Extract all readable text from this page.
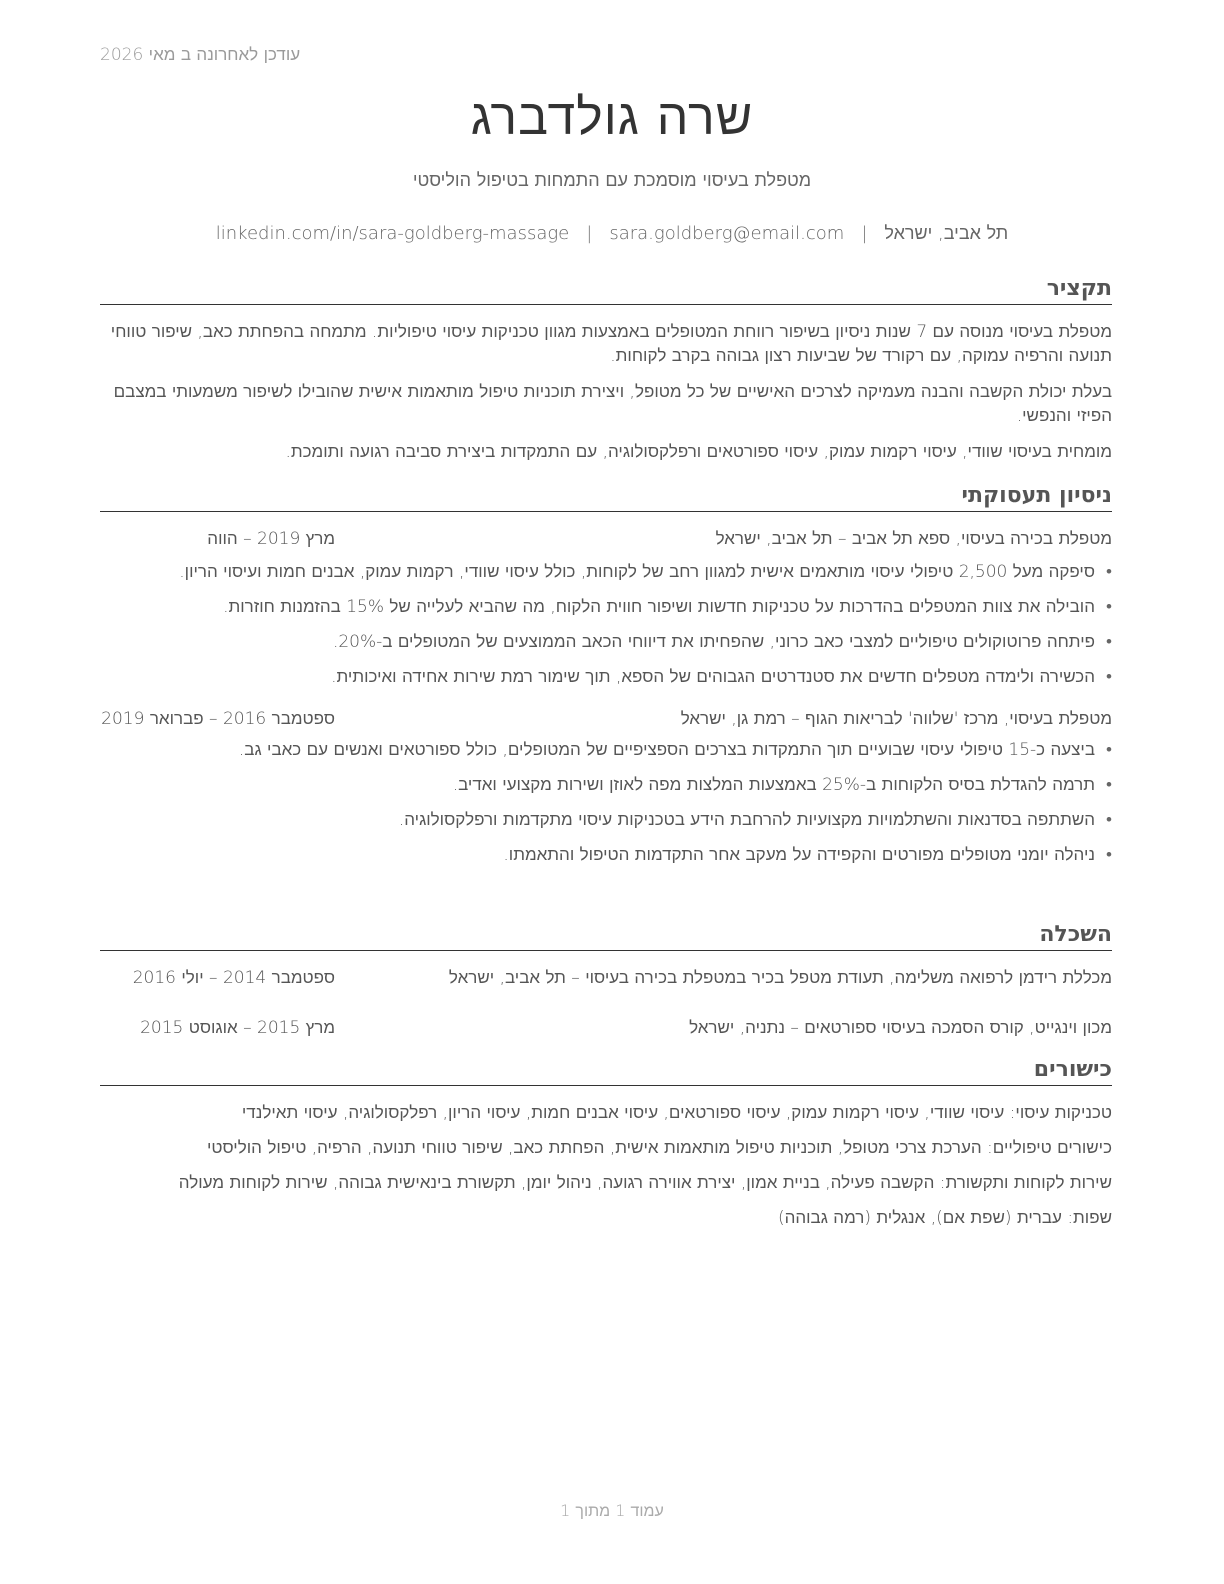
עודכן לאחרונה ב מאי 2026
שרה גולדברג
מטפלת בעיסוי מוסמכת עם התמחות בטיפול הוליסטי
תל אביב, ישראל|sara.goldberg@email.com|linkedin.com/in/sara-goldberg-massage
תקציר

מטפלת בעיסוי מנוסה עם 7 שנות ניסיון בשיפור רווחת המטופלים באמצעות מגוון טכניקות עיסוי טיפוליות. מתמחה בהפחתת כאב, שיפור טווחי תנועה והרפיה עמוקה, עם רקורד של שביעות רצון גבוהה בקרב לקוחות.

בעלת יכולת הקשבה והבנה מעמיקה לצרכים האישיים של כל מטופל, ויצירת תוכניות טיפול מותאמות אישית שהובילו לשיפור משמעותי במצבם הפיזי והנפשי.

מומחית בעיסוי שוודי, עיסוי רקמות עמוק, עיסוי ספורטאים ורפלקסולוגיה, עם התמקדות ביצירת סביבה רגועה ותומכת.

ניסיון תעסוקתי
מטפלת בכירה בעיסוי, ספא תל אביב – תל אביב, ישראל
מרץ 2019 – הווה
• סיפקה מעל 2,500 טיפולי עיסוי מותאמים אישית למגוון רחב של לקוחות, כולל עיסוי שוודי, רקמות עמוק, אבנים חמות ועיסוי הריון.
• הובילה את צוות המטפלים בהדרכות על טכניקות חדשות ושיפור חווית הלקוח, מה שהביא לעלייה של 15% בהזמנות חוזרות.
• פיתחה פרוטוקולים טיפוליים למצבי כאב כרוני, שהפחיתו את דיווחי הכאב הממוצעים של המטופלים ב-20%.
• הכשירה ולימדה מטפלים חדשים את סטנדרטים הגבוהים של הספא, תוך שימור רמת שירות אחידה ואיכותית.
מטפלת בעיסוי, מרכז 'שלווה' לבריאות הגוף – רמת גן, ישראל
ספטמבר 2016 – פברואר 2019
• ביצעה כ-15 טיפולי עיסוי שבועיים תוך התמקדות בצרכים הספציפיים של המטופלים, כולל ספורטאים ואנשים עם כאבי גב.
• תרמה להגדלת בסיס הלקוחות ב-25% באמצעות המלצות מפה לאוזן ושירות מקצועי ואדיב.
• השתתפה בסדנאות והשתלמויות מקצועיות להרחבת הידע בטכניקות עיסוי מתקדמות ורפלקסולוגיה.
• ניהלה יומני מטופלים מפורטים והקפידה על מעקב אחר התקדמות הטיפול והתאמתו.
השכלה
מכללת רידמן לרפואה משלימה, תעודת מטפל בכיר במטפלת בכירה בעיסוי – תל אביב, ישראל
ספטמבר 2014 – יולי 2016
מכון וינגייט, קורס הסמכה בעיסוי ספורטאים – נתניה, ישראל
מרץ 2015 – אוגוסט 2015
כישורים

טכניקות עיסוי: עיסוי שוודי, עיסוי רקמות עמוק, עיסוי ספורטאים, עיסוי אבנים חמות, עיסוי הריון, רפלקסולוגיה, עיסוי תאילנדי

כישורים טיפוליים: הערכת צרכי מטופל, תוכניות טיפול מותאמות אישית, הפחתת כאב, שיפור טווחי תנועה, הרפיה, טיפול הוליסטי

שירות לקוחות ותקשורת: הקשבה פעילה, בניית אמון, יצירת אווירה רגועה, ניהול יומן, תקשורת בינאישית גבוהה, שירות לקוחות מעולה

שפות: עברית (שפת אם), אנגלית (רמה גבוהה)

עמוד 1 מתוך 1
